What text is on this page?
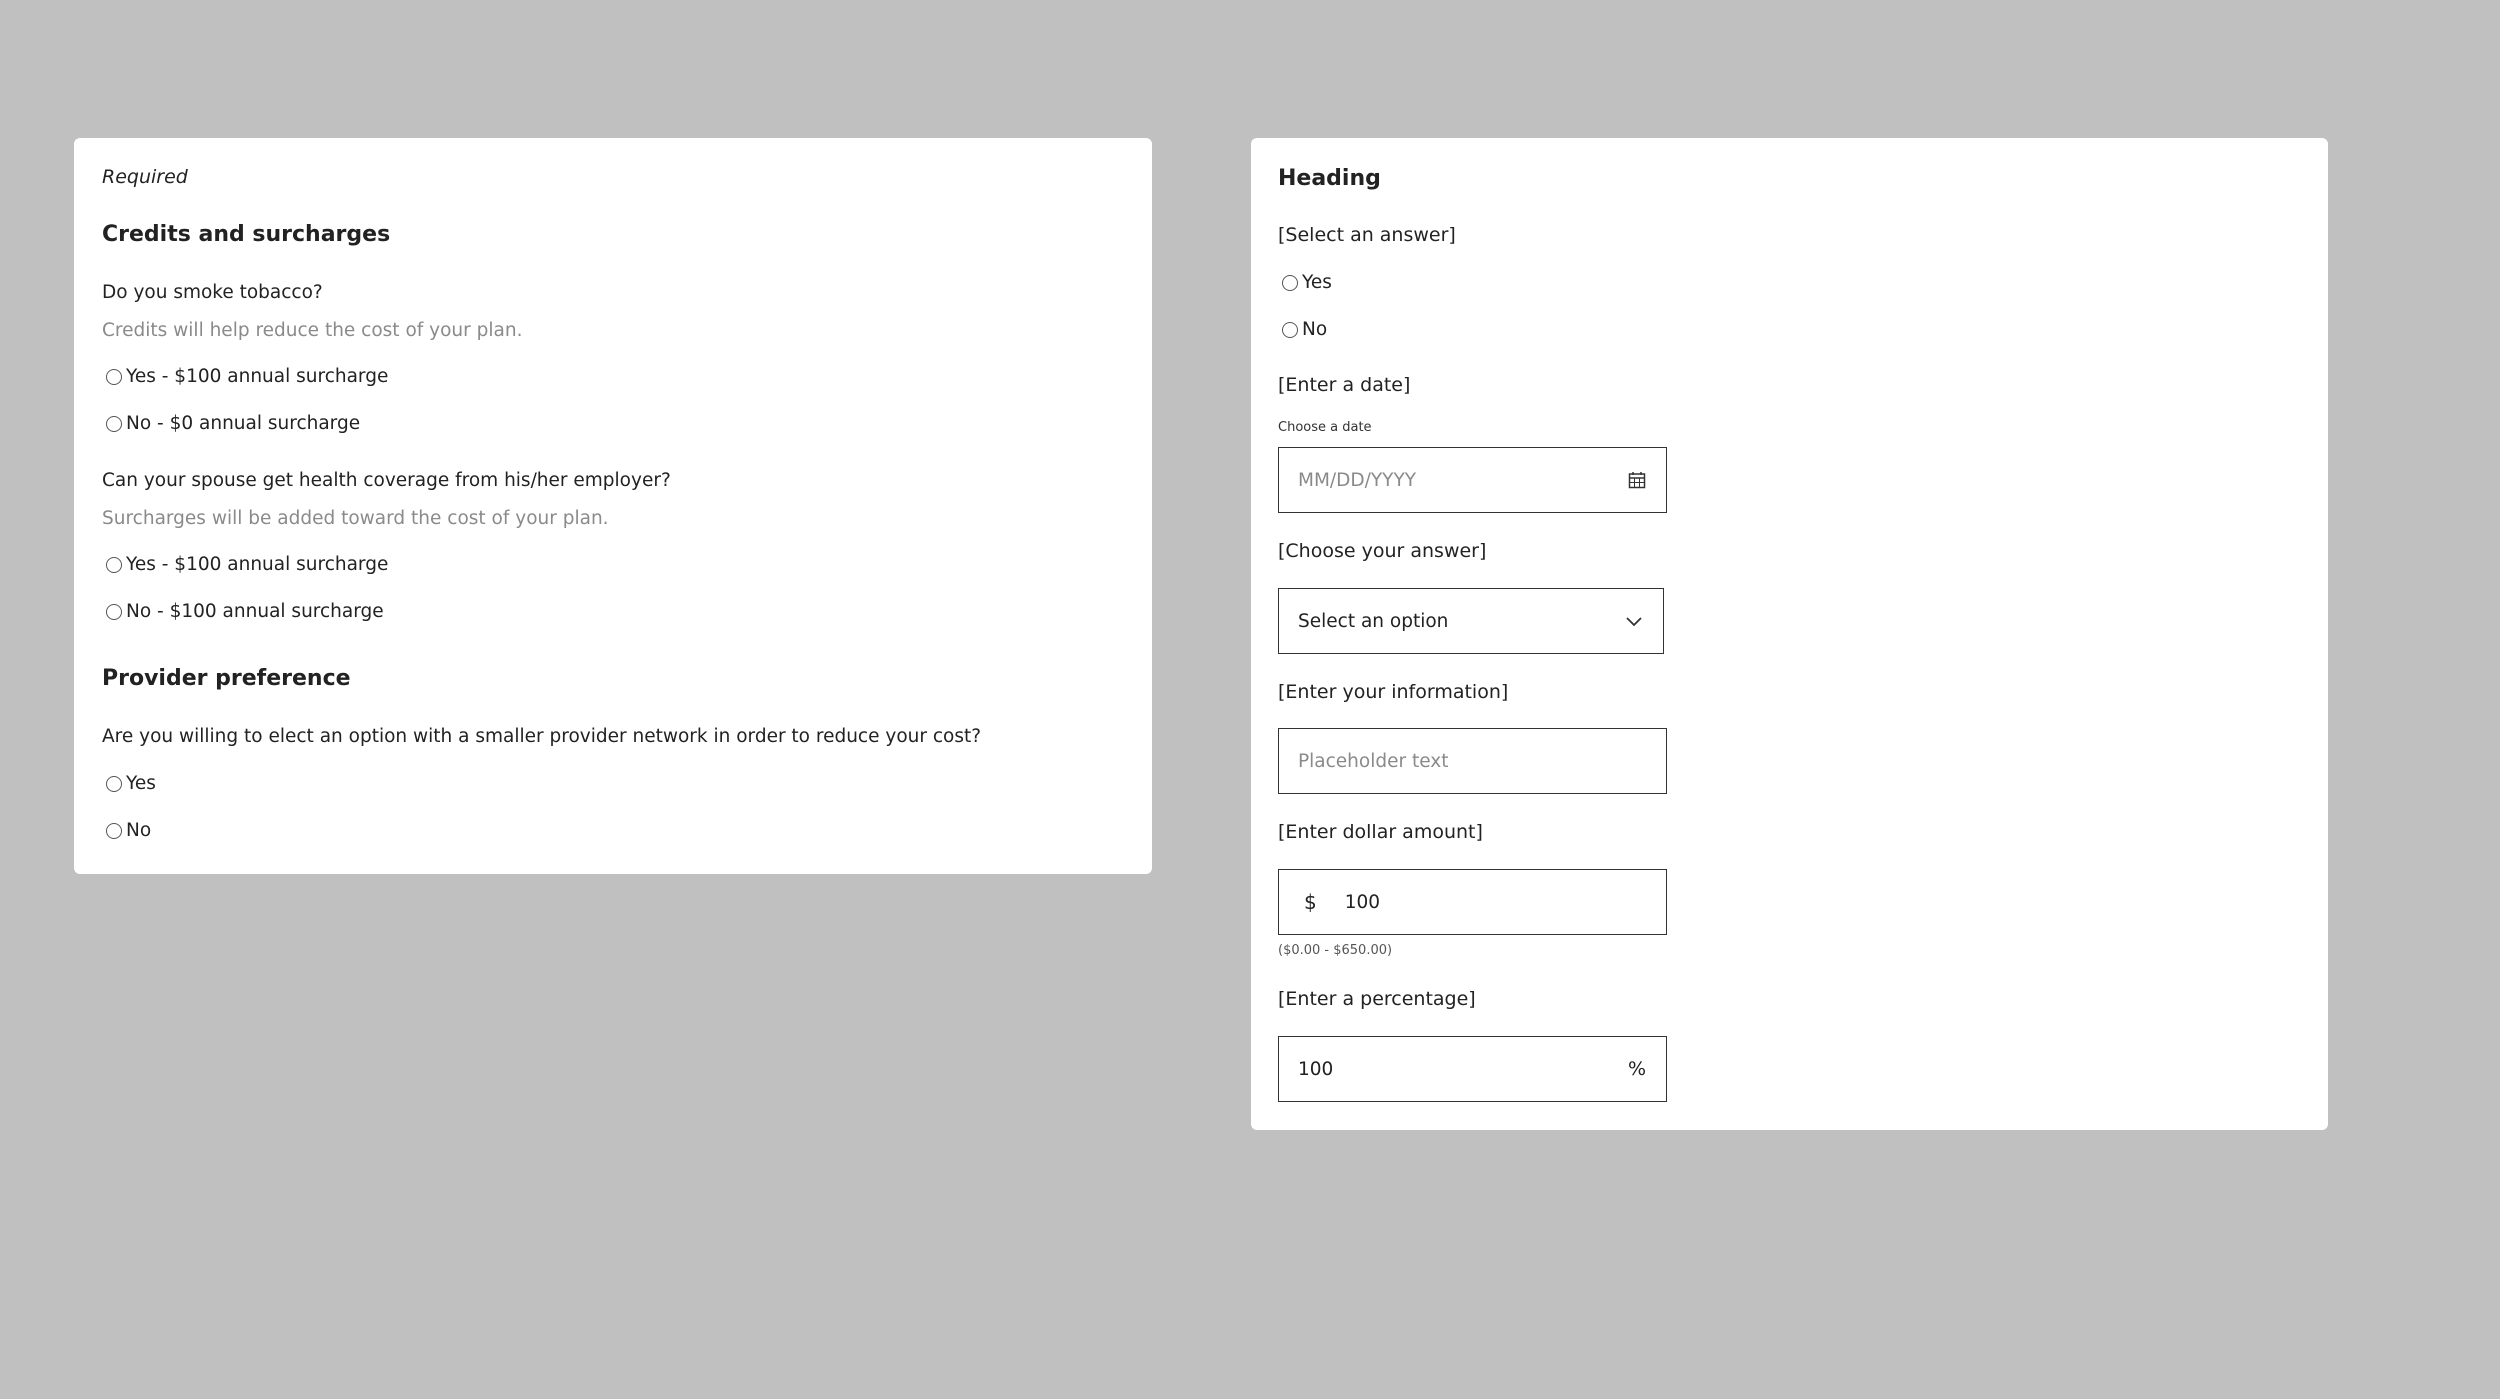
Required
Credits and surcharges
Do you smoke tobacco?
Credits will help reduce the cost of your plan.
Yes - $100 annual surcharge
No - $0 annual surcharge
Can your spouse get health coverage from his/her employer?
Surcharges will be added toward the cost of your plan.
Yes - $100 annual surcharge
No - $100 annual surcharge
Provider preference
Are you willing to elect an option with a smaller provider network in order to reduce your cost?
Yes
No
Heading
[Select an answer]
Yes
No
[Enter a date]
Choose a date
MM/DD/YYYY
[Choose your answer]
Select an option
[Enter your information]
Placeholder text
[Enter dollar amount]
$ 100
($0.00 - $650.00)
[Enter a percentage]
100	%
